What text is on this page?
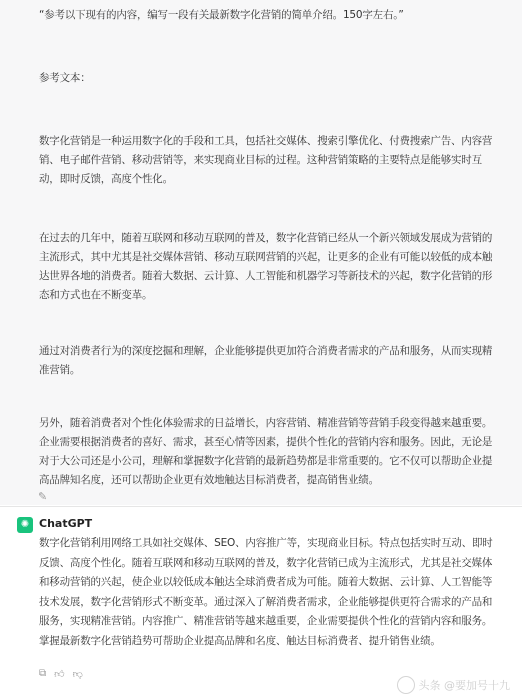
“参考以下现有的内容，编写一段有关最新数字化营销的简单介绍。150字左右。”

参考文本：

数字化营销是一种运用数字化的手段和工具，包括社交媒体、搜索引擎优化、付费搜索广告、内容营销、电子邮件营销、移动营销等，来实现商业目标的过程。这种营销策略的主要特点是能够实时互动，即时反馈，高度个性化。

在过去的几年中，随着互联网和移动互联网的普及，数字化营销已经从一个新兴领域发展成为营销的主流形式，其中尤其是社交媒体营销、移动互联网营销的兴起，让更多的企业有可能以较低的成本触达世界各地的消费者。随着大数据、云计算、人工智能和机器学习等新技术的兴起，数字化营销的形态和方式也在不断变革。

通过对消费者行为的深度挖掘和理解，企业能够提供更加符合消费者需求的产品和服务，从而实现精准营销。

另外，随着消费者对个性化体验需求的日益增长，内容营销、精准营销等营销手段变得越来越重要。企业需要根据消费者的喜好、需求，甚至心情等因素，提供个性化的营销内容和服务。因此，无论是对于大公司还是小公司，理解和掌握数字化营销的最新趋势都是非常重要的。它不仅可以帮助企业提高品牌知名度，还可以帮助企业更有效地触达目标消费者，提高销售业绩。

✎
✺ ChatGPT

数字化营销利用网络工具如社交媒体、SEO、内容推广等，实现商业目标。特点包括实时互动、即时反馈、高度个性化。随着互联网和移动互联网的普及，数字化营销已成为主流形式，尤其是社交媒体和移动营销的兴起，使企业以较低成本触达全球消费者成为可能。随着大数据、云计算、人工智能等技术发展，数字化营销形式不断变革。通过深入了解消费者需求，企业能够提供更符合需求的产品和服务，实现精准营销。内容推广、精准营销等越来越重要，企业需要提供个性化的营销内容和服务。掌握最新数字化营销趋势可帮助企业提高品牌和名度、触达目标消费者、提升销售业绩。

⧉ 👍︎ 👎︎
头条 @要加号十九
